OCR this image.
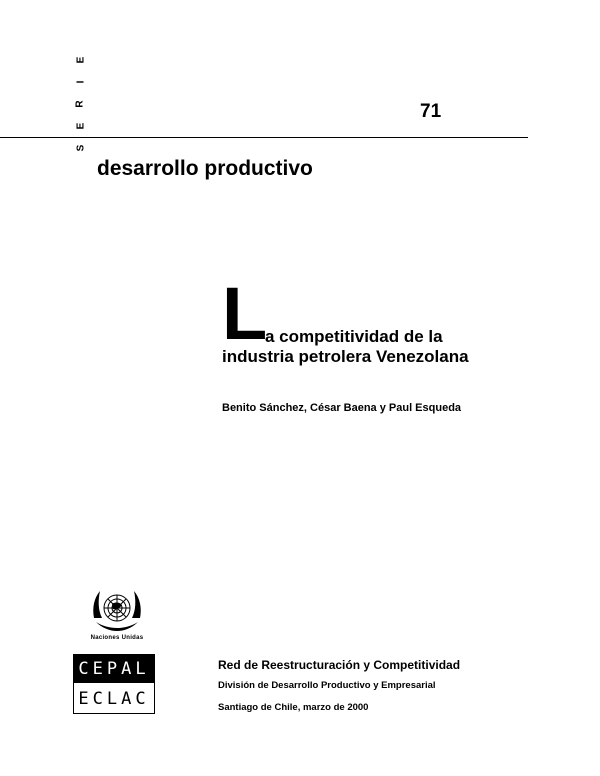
E
I
R
E
S
71
desarrollo productivo
L a competitividad de la
industria petrolera Venezolana
Benito Sánchez, César Baena y Paul Esqueda
Naciones Unidas
CEPAL
ECLAC
Red de Reestructuración y Competitividad
División de Desarrollo Productivo y Empresarial
Santiago de Chile, marzo de 2000
